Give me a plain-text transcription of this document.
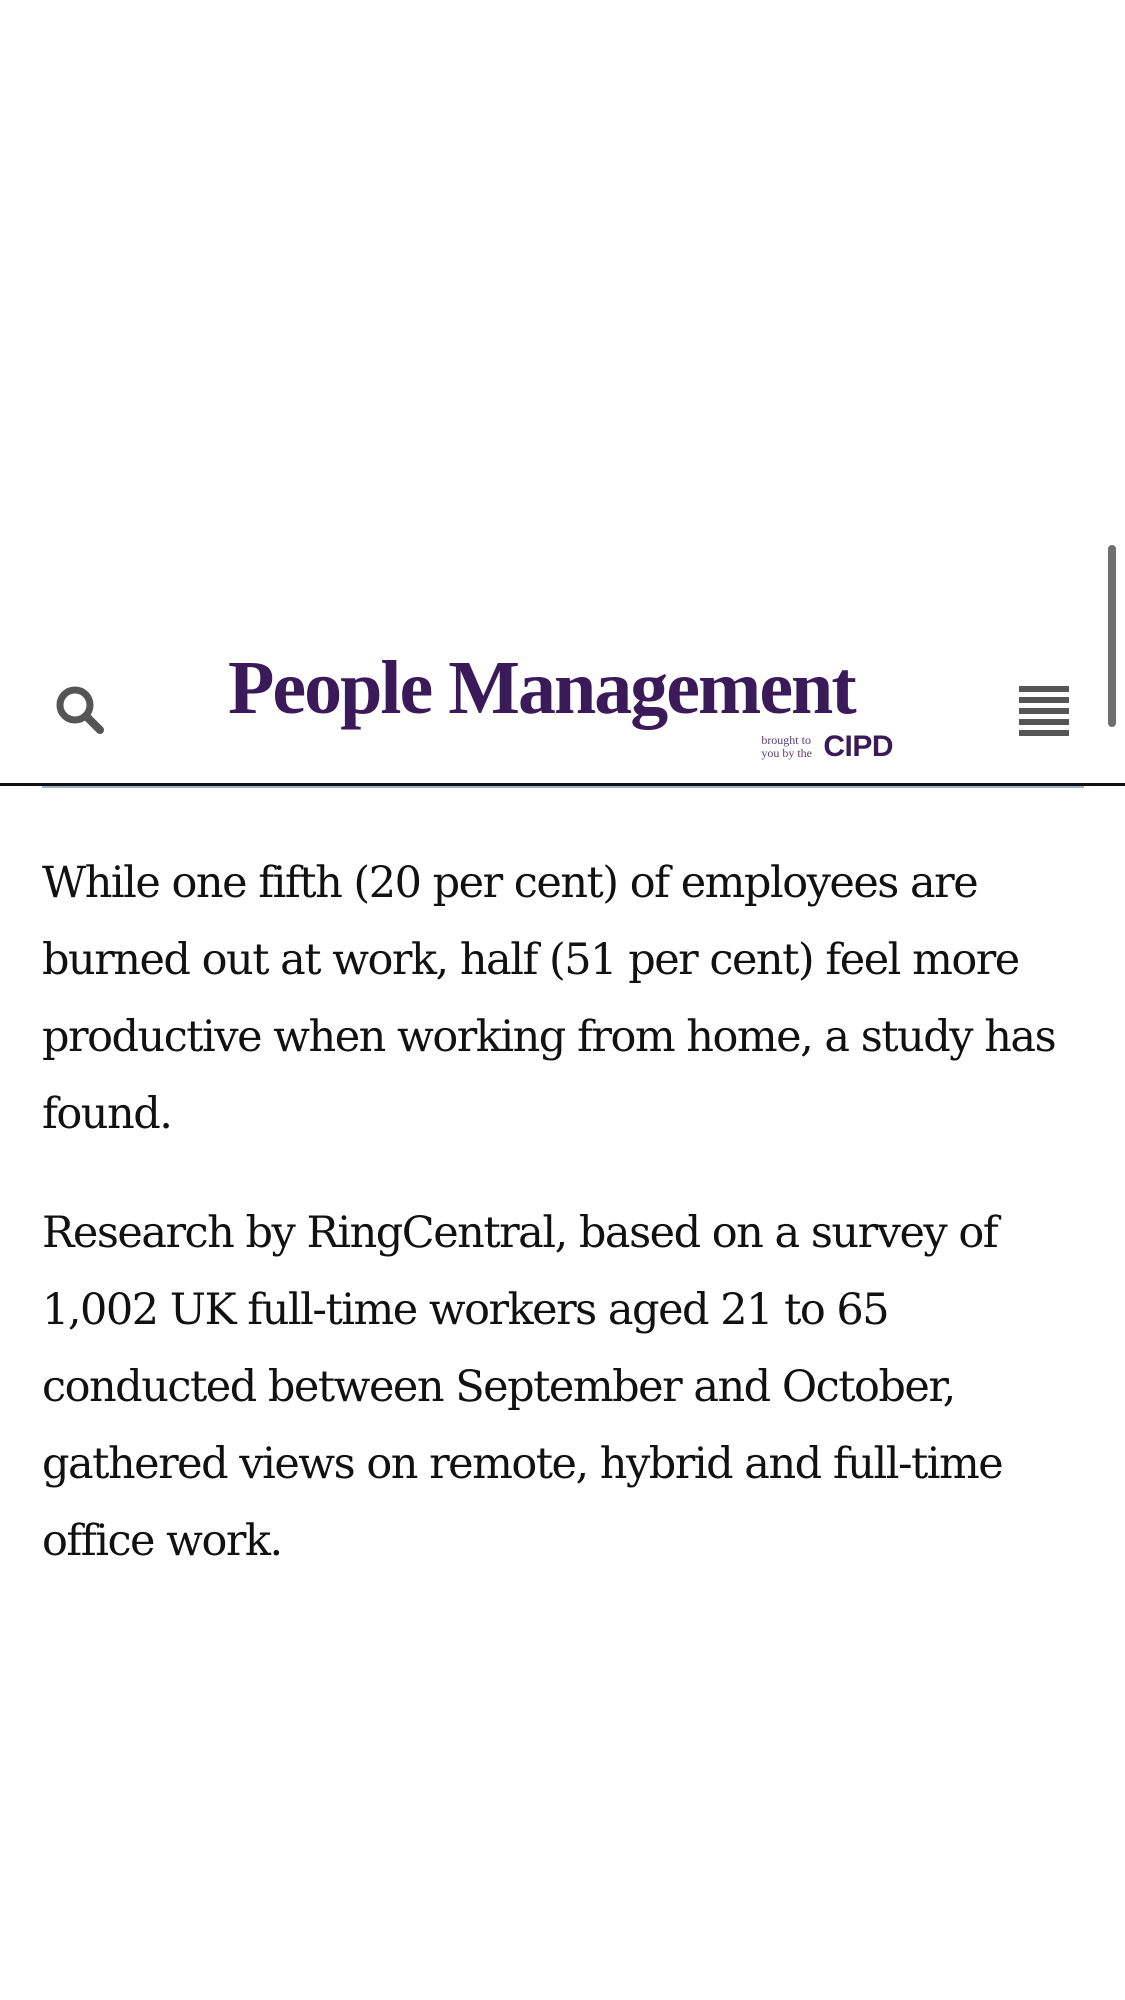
People Management
brought to
you by the CIPD

While one fifth (20 per cent) of employees are burned out at work, half (51 per cent) feel more productive when working from home, a study has found.

Research by RingCentral, based on a survey of 1,002 UK full-time workers aged 21 to 65 conducted between September and October, gathered views on remote, hybrid and full-time office work.
